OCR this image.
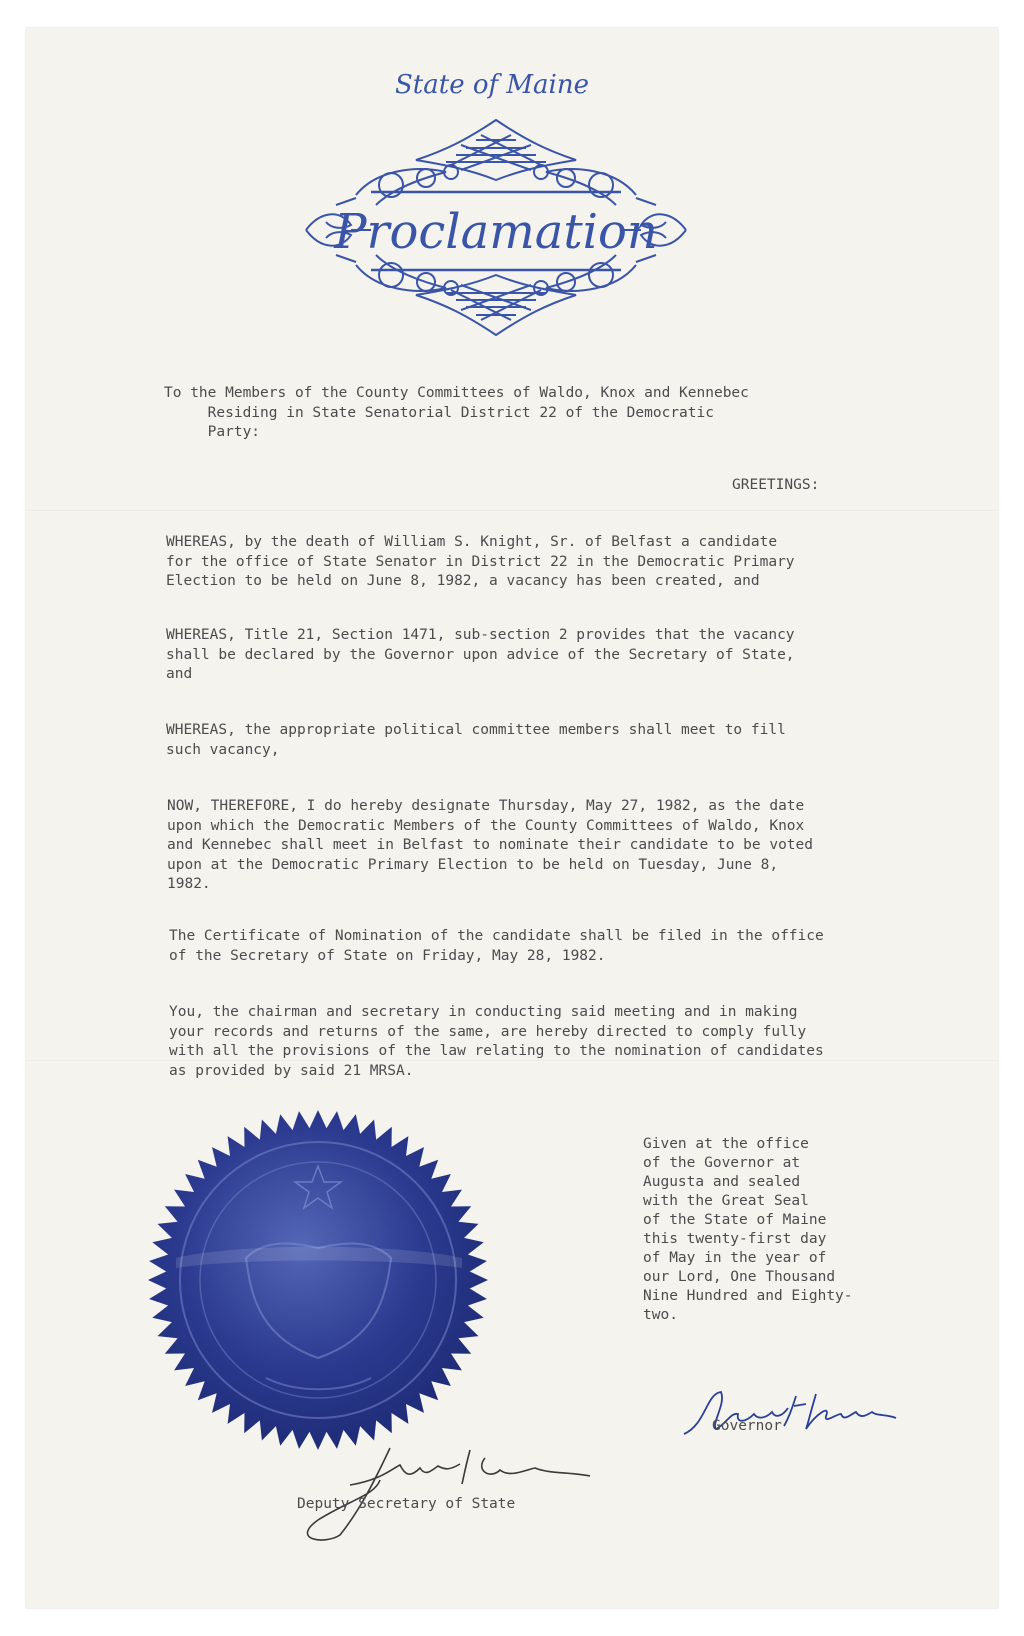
State of Maine
Proclamation
To the Members of the County Committees of Waldo, Knox and Kennebec
Residing in State Senatorial District 22 of the Democratic
Party:
GREETINGS:
WHEREAS, by the death of William S. Knight, Sr. of Belfast a candidate
for the office of State Senator in District 22 in the Democratic Primary
Election to be held on June 8, 1982, a vacancy has been created, and
WHEREAS, Title 21, Section 1471, sub-section 2 provides that the vacancy
shall be declared by the Governor upon advice of the Secretary of State,
and
WHEREAS, the appropriate political committee members shall meet to fill
such vacancy,
NOW, THEREFORE, I do hereby designate Thursday, May 27, 1982, as the date
upon which the Democratic Members of the County Committees of Waldo, Knox
and Kennebec shall meet in Belfast to nominate their candidate to be voted
upon at the Democratic Primary Election to be held on Tuesday, June 8,
1982.
The Certificate of Nomination of the candidate shall be filed in the office
of the Secretary of State on Friday, May 28, 1982.
You, the chairman and secretary in conducting said meeting and in making
your records and returns of the same, are hereby directed to comply fully
with all the provisions of the law relating to the nomination of candidates
as provided by said 21 MRSA.
Given at the office
of the Governor at
Augusta and sealed
with the Great Seal
of the State of Maine
this twenty-first day
of May in the year of
our Lord, One Thousand
Nine Hundred and Eighty-
two.
Governor
Deputy Secretary of State
